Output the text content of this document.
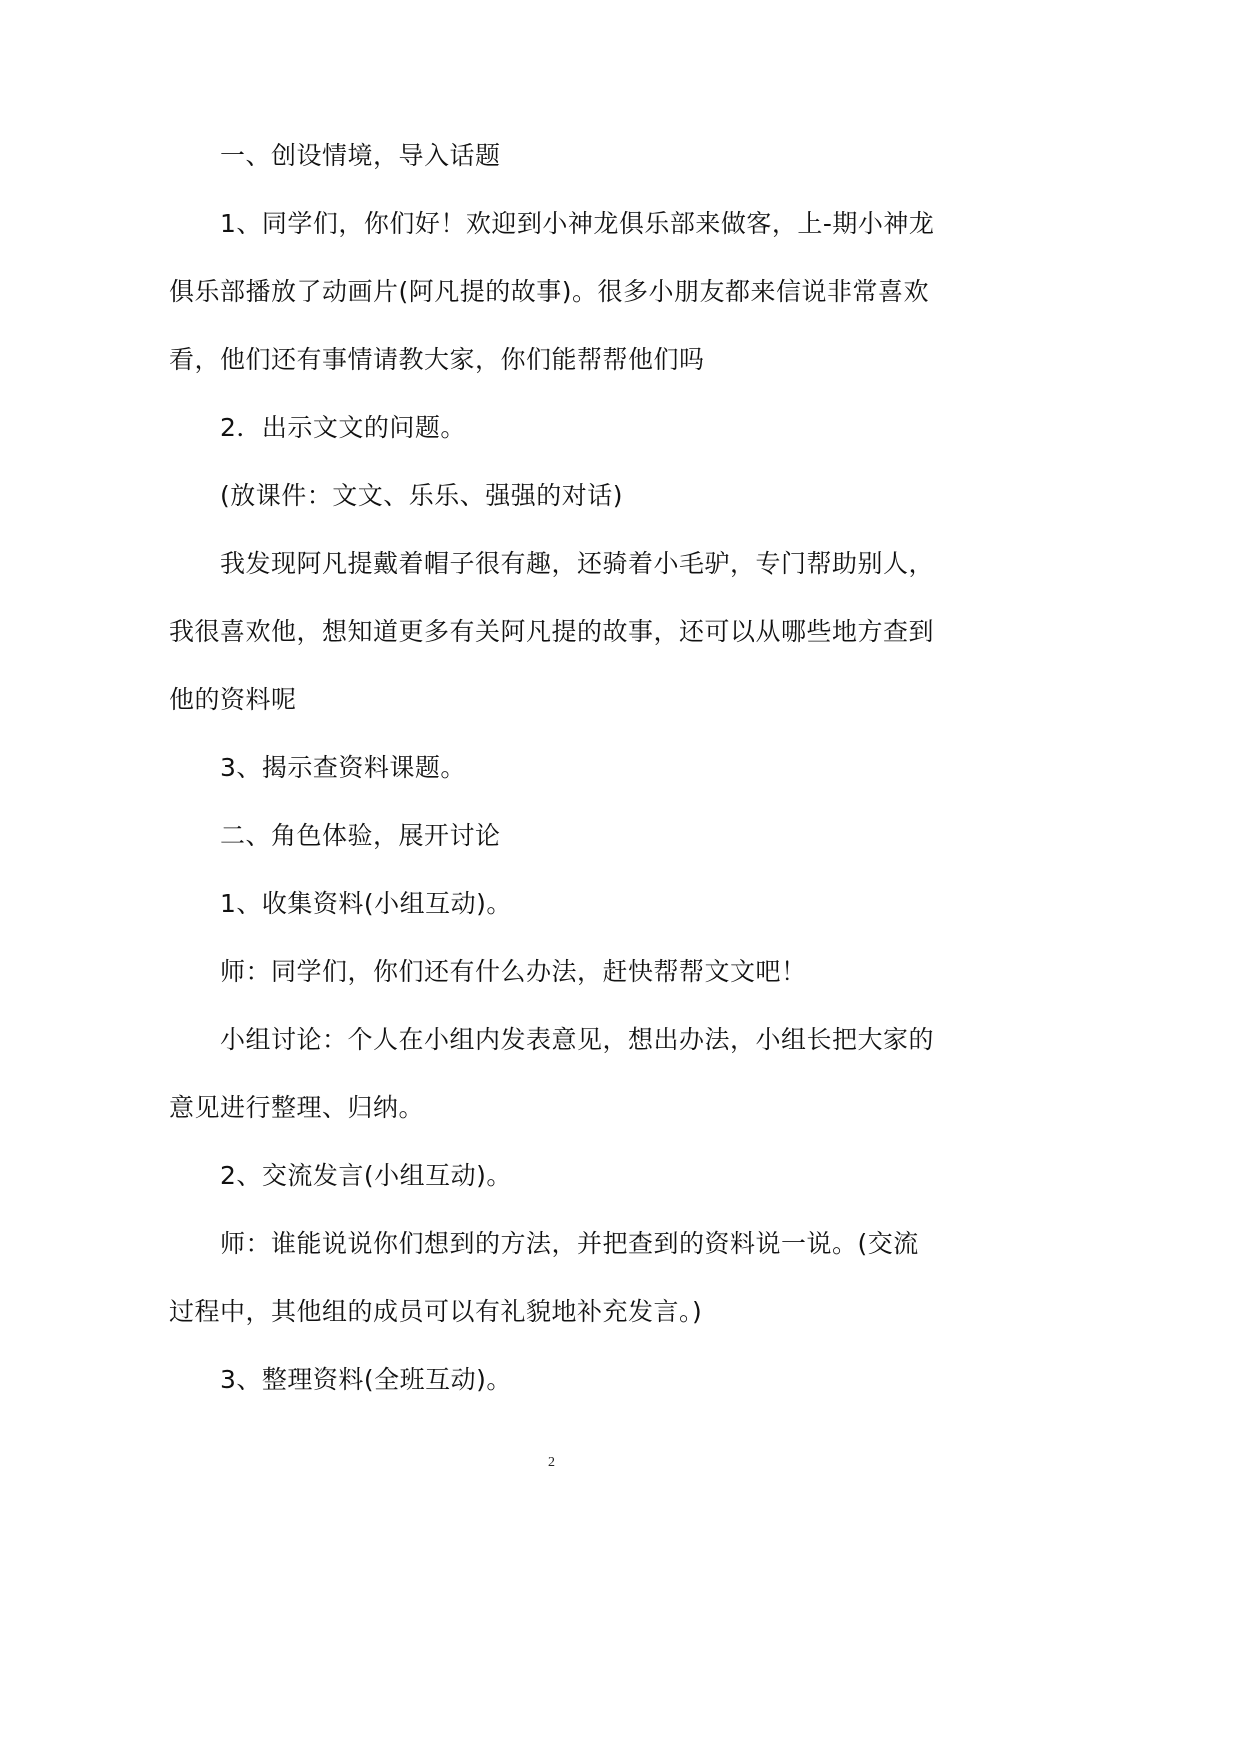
一、创设情境，导入话题

1、同学们，你们好！欢迎到小神龙俱乐部来做客，上-期小神龙
俱乐部播放了动画片(阿凡提的故事)。很多小朋友都来信说非常喜欢
看，他们还有事情请教大家，你们能帮帮他们吗

2．出示文文的问题。

(放课件：文文、乐乐、强强的对话)

我发现阿凡提戴着帽子很有趣，还骑着小毛驴，专门帮助别人，
我很喜欢他，想知道更多有关阿凡提的故事，还可以从哪些地方查到
他的资料呢

3、揭示查资料课题。

二、角色体验，展开讨论

1、收集资料(小组互动)。

师：同学们，你们还有什么办法，赶快帮帮文文吧！

小组讨论：个人在小组内发表意见，想出办法，小组长把大家的
意见进行整理、归纳。

2、交流发言(小组互动)。

师：谁能说说你们想到的方法，并把查到的资料说一说。(交流
过程中，其他组的成员可以有礼貌地补充发言。)

3、整理资料(全班互动)。

2
